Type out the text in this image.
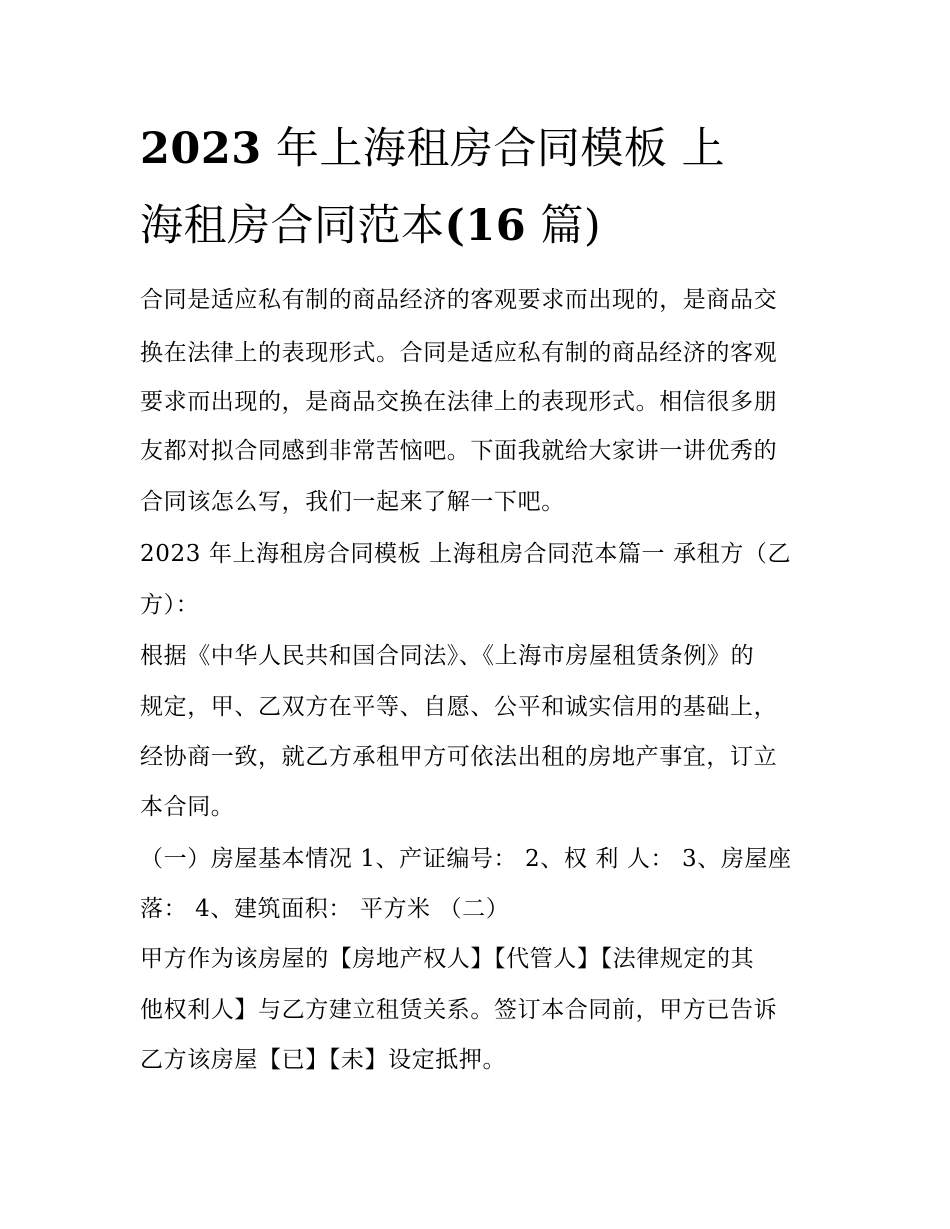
2023 年上海租房合同模板 上
海租房合同范本(16 篇)
合同是适应私有制的商品经济的客观要求而出现的，是商品交
换在法律上的表现形式。合同是适应私有制的商品经济的客观
要求而出现的，是商品交换在法律上的表现形式。相信很多朋
友都对拟合同感到非常苦恼吧。下面我就给大家讲一讲优秀的
合同该怎么写，我们一起来了解一下吧。
2023 年上海租房合同模板 上海租房合同范本篇一 承租方（乙
方）：
根据《中华人民共和国合同法》、《上海市房屋租赁条例》的
规定，甲、乙双方在平等、自愿、公平和诚实信用的基础上，
经协商一致，就乙方承租甲方可依法出租的房地产事宜，订立
本合同。
（一）房屋基本情况 1、产证编号： 2、权 利 人： 3、房屋座
落： 4、建筑面积： 平方米 （二）
甲方作为该房屋的【房地产权人】【代管人】【法律规定的其
他权利人】与乙方建立租赁关系。签订本合同前，甲方已告诉
乙方该房屋【已】【未】设定抵押。
